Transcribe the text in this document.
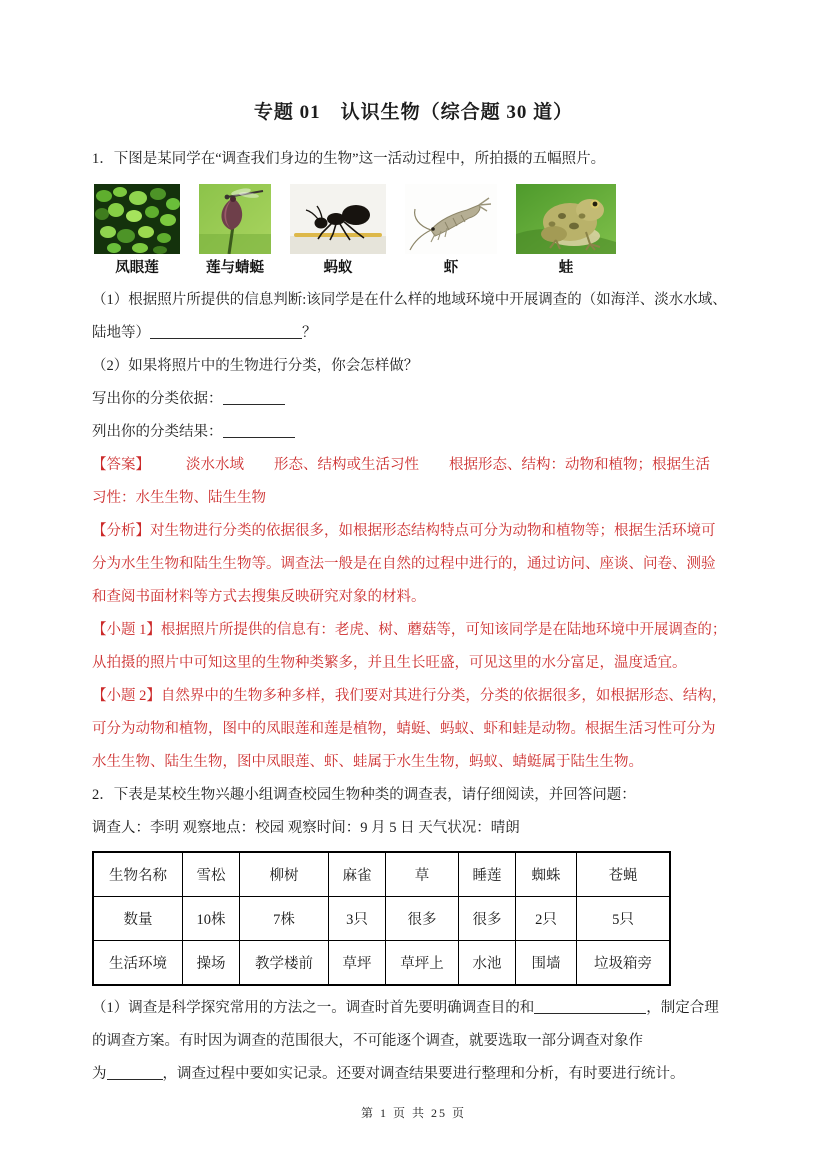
专题 01　认识生物（综合题 30 道）

1．下图是某同学在“调查我们身边的生物”这一活动过程中，所拍摄的五幅照片。

凤眼莲	莲与蜻蜓	蚂蚁	虾	蛙

（1）根据照片所提供的信息判断:该同学是在什么样的地域环境中开展调查的（如海洋、淡水水域、

陆地等）	？

（2）如果将照片中的生物进行分类，你会怎样做？

写出你的分类依据：

列出你的分类结果：

【答案】 淡水水域 形态、结构或生活习性 根据形态、结构：动物和植物；根据生活

习性：水生生物、陆生生物

【分析】对生物进行分类的依据很多，如根据形态结构特点可分为动物和植物等；根据生活环境可

分为水生生物和陆生生物等。调查法一般是在自然的过程中进行的，通过访问、座谈、问卷、测验

和查阅书面材料等方式去搜集反映研究对象的材料。

【小题 1】根据照片所提供的信息有：老虎、树、蘑菇等，可知该同学是在陆地环境中开展调查的；

从拍摄的照片中可知这里的生物种类繁多，并且生长旺盛，可见这里的水分富足，温度适宜。

【小题 2】自然界中的生物多种多样，我们要对其进行分类，分类的依据很多，如根据形态、结构，

可分为动物和植物，图中的凤眼莲和莲是植物，蜻蜓、蚂蚁、虾和蛙是动物。根据生活习性可分为

水生生物、陆生生物，图中凤眼莲、虾、蛙属于水生生物，蚂蚁、蜻蜓属于陆生生物。

2．下表是某校生物兴趣小组调查校园生物种类的调查表，请仔细阅读，并回答问题：

调查人：李明 观察地点：校园 观察时间：9 月 5 日 天气状况：晴朗

生物名称	雪松	柳树	麻雀	草	睡莲	蜘蛛	苍蝇
数量	10株	7株	3只	很多	很多	2只	5只
生活环境	操场	教学楼前	草坪	草坪上	水池	围墙	垃圾箱旁

（1）调查是科学探究常用的方法之一。调查时首先要明确调查目的和	，制定合理

的调查方案。有时因为调查的范围很大，不可能逐个调查，就要选取一部分调查对象作

为	，调查过程中要如实记录。还要对调查结果要进行整理和分析，有时要进行统计。

第 1 页 共 25 页
